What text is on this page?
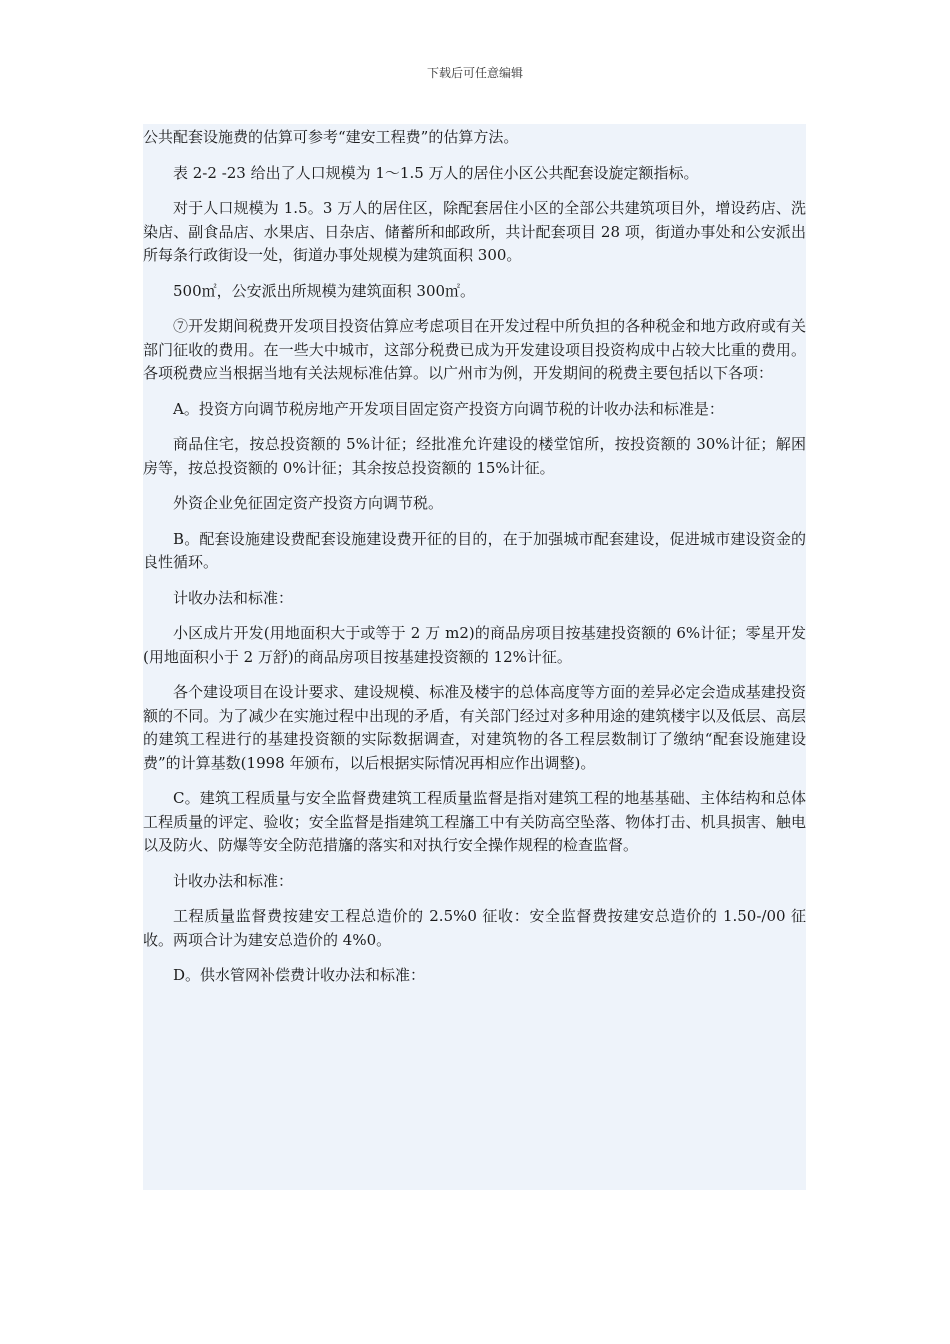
下载后可任意编辑

公共配套设施费的估算可参考“建安工程费”的估算方法。

表 2-2 -23 给出了人口规模为 1～1.5 万人的居住小区公共配套设旋定额指标。

对于人口规模为 1.5。3 万人的居住区，除配套居住小区的全部公共建筑项目外，增设药店、洗染店、副食品店、水果店、日杂店、储蓄所和邮政所，共计配套项目 28 项，街道办事处和公安派出所每条行政街设一处，街道办事处规模为建筑面积 300。

500㎡，公安派出所规模为建筑面积 300㎡。

⑦开发期间税费开发项目投资估算应考虑项目在开发过程中所负担的各种税金和地方政府或有关部门征收的费用。在一些大中城市，这部分税费已成为开发建设项目投资构成中占较大比重的费用。各项税费应当根据当地有关法规标准估算。以广州市为例，开发期间的税费主要包括以下各项：

A。投资方向调节税房地产开发项目固定资产投资方向调节税的计收办法和标准是：

商品住宅，按总投资额的 5%计征；经批准允许建设的楼堂馆所，按投资额的 30%计征；解困房等，按总投资额的 0%计征；其余按总投资额的 15%计征。

外资企业免征固定资产投资方向调节税。

B。配套设施建设费配套设施建设费开征的目的，在于加强城市配套建设，促进城市建设资金的良性循环。

计收办法和标准：

小区成片开发(用地面积大于或等于 2 万 m2)的商品房项目按基建投资额的 6%计征；零星开发(用地面积小于 2 万舒)的商品房项目按基建投资额的 12%计征。

各个建设项目在设计要求、建设规模、标准及楼宇的总体高度等方面的差异必定会造成基建投资额的不同。为了减少在实施过程中出现的矛盾，有关部门经过对多种用途的建筑楼宇以及低层、高层的建筑工程进行的基建投资额的实际数据调查，对建筑物的各工程层数制订了缴纳“配套设施建设费”的计算基数(1998 年颁布，以后根据实际情况再相应作出调整)。

C。建筑工程质量与安全监督费建筑工程质量监督是指对建筑工程的地基基础、主体结构和总体工程质量的评定、验收；安全监督是指建筑工程旛工中有关防高空坠落、物体打击、机具损害、触电以及防火、防爆等安全防范措旛的落实和对执行安全操作规程的检查监督。

计收办法和标准：

工程质量监督费按建安工程总造价的 2.5%0 征收：安全监督费按建安总造价的 1.50-/00 征收。两项合计为建安总造价的 4%0。

D。供水管网补偿费计收办法和标准：
